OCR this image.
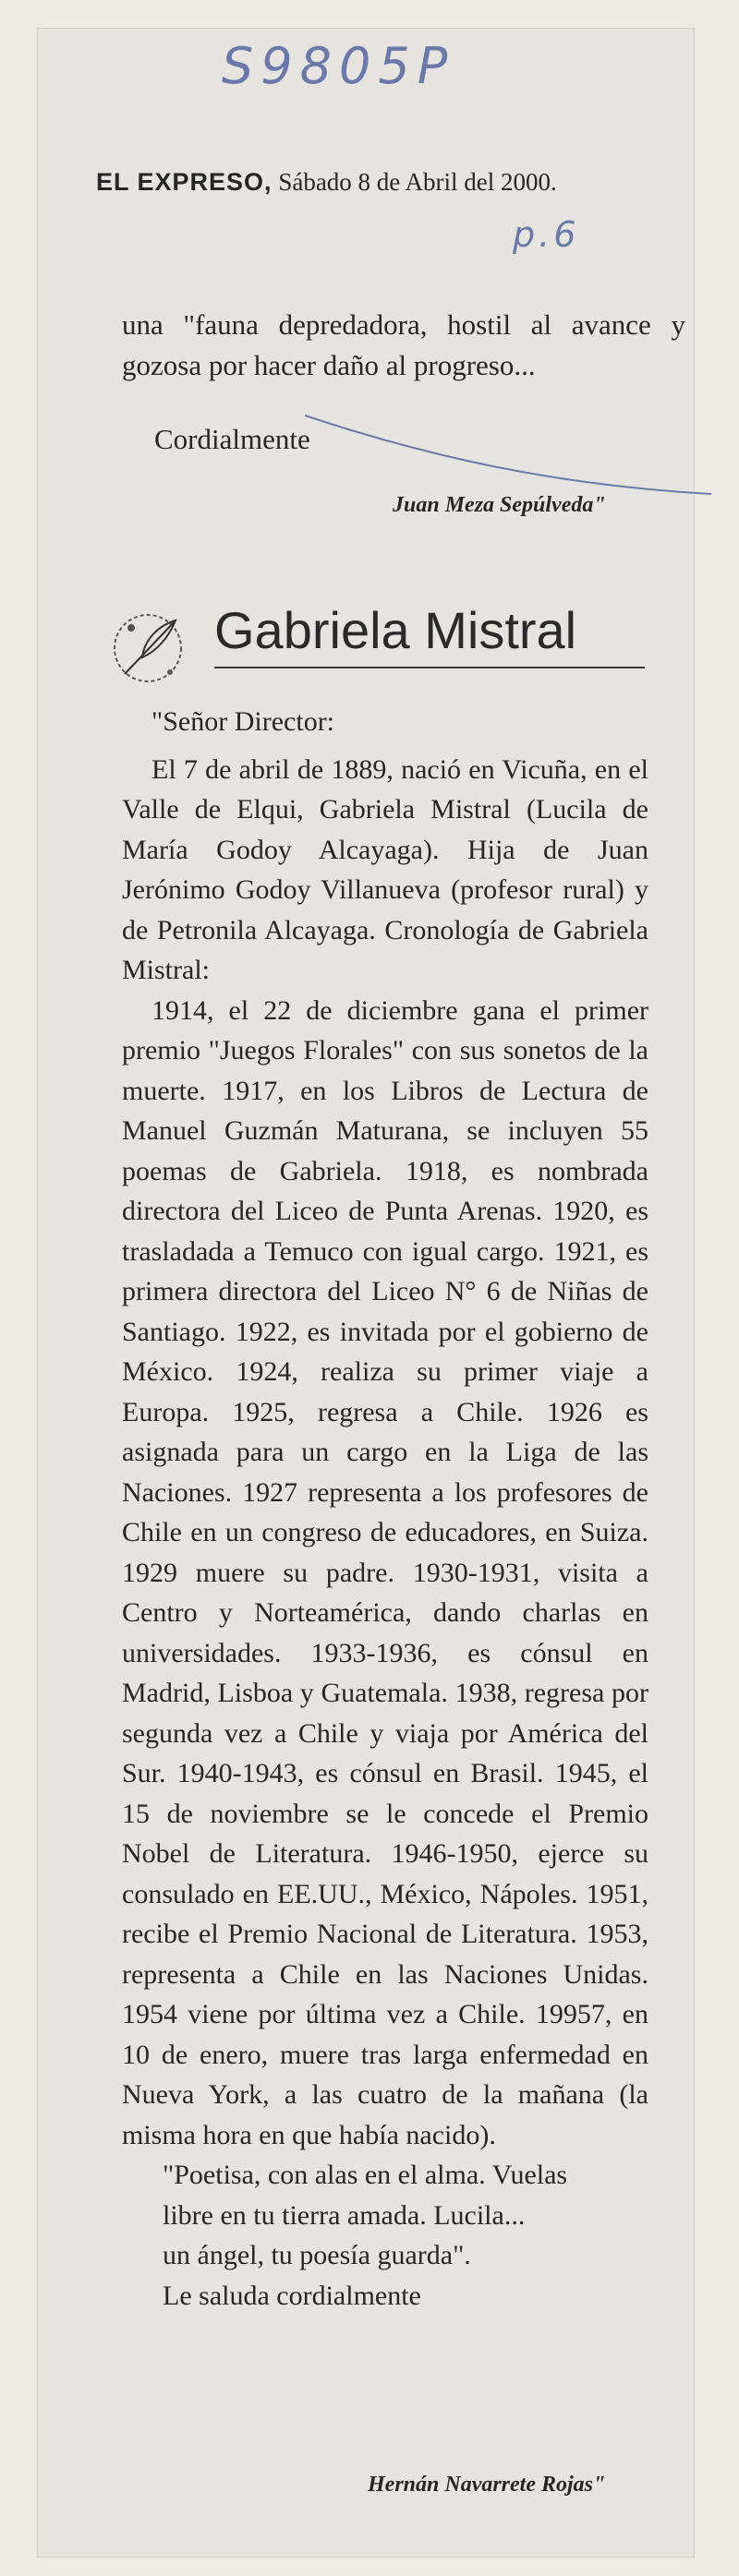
S9805P
p.6
EL EXPRESO, Sábado 8 de Abril del 2000.
una "fauna depredadora, hostil al avance y gozosa por hacer daño al progreso...
Cordialmente
Juan Meza Sepúlveda"
Gabriela Mistral

"Señor Director:

El 7 de abril de 1889, nació en Vicuña, en el Valle de Elqui, Gabriela Mistral (Lucila de María Godoy Alcayaga). Hija de Juan Jerónimo Godoy Villanueva (profesor rural) y de Petronila Alcayaga. Cronología de Gabriela Mistral:

1914, el 22 de diciembre gana el primer premio "Juegos Florales" con sus sonetos de la muerte. 1917, en los Libros de Lectura de Manuel Guzmán Maturana, se incluyen 55 poemas de Gabriela. 1918, es nombrada directora del Liceo de Punta Arenas. 1920, es trasladada a Temuco con igual cargo. 1921, es primera directora del Liceo N° 6 de Niñas de Santiago. 1922, es invitada por el gobierno de México. 1924, realiza su primer viaje a Europa. 1925, regresa a Chile. 1926 es asignada para un cargo en la Liga de las Naciones. 1927 representa a los profesores de Chile en un congreso de educadores, en Suiza. 1929 muere su padre. 1930-1931, visita a Centro y Norteamérica, dando charlas en universidades. 1933-1936, es cónsul en Madrid, Lisboa y Guatemala. 1938, regresa por segunda vez a Chile y viaja por América del Sur. 1940-1943, es cónsul en Brasil. 1945, el 15 de noviembre se le concede el Premio Nobel de Literatura. 1946-1950, ejerce su consulado en EE.UU., México, Nápoles. 1951, recibe el Premio Nacional de Literatura. 1953, representa a Chile en las Naciones Unidas. 1954 viene por última vez a Chile. 19957, en 10 de enero, muere tras larga enfermedad en Nueva York, a las cuatro de la mañana (la misma hora en que había nacido).

"Poetisa, con alas en el alma. Vuelas
libre en tu tierra amada. Lucila...
un ángel, tu poesía guarda".

Le saluda cordialmente

Hernán Navarrete Rojas"
